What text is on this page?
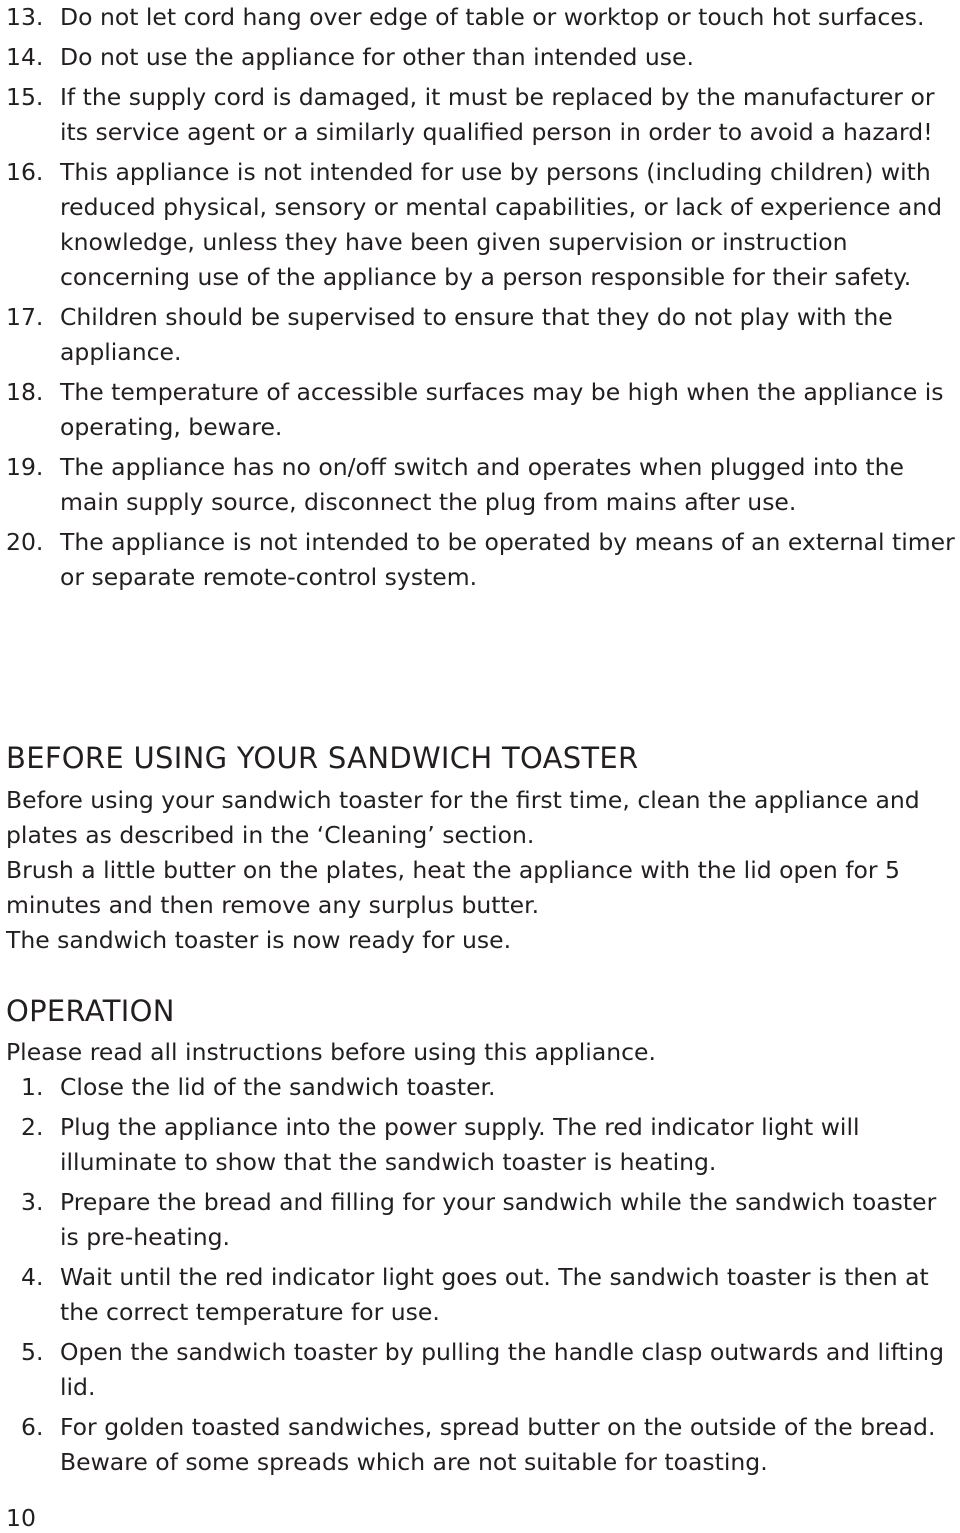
13. Do not let cord hang over edge of table or worktop or touch hot surfaces.
14. Do not use the appliance for other than intended use.
15. If the supply cord is damaged, it must be replaced by the manufacturer or its service agent or a similarly qualified person in order to avoid a hazard!
16. This appliance is not intended for use by persons (including children) with reduced physical, sensory or mental capabilities, or lack of experience and knowledge, unless they have been given supervision or instruction concerning use of the appliance by a person responsible for their safety.
17. Children should be supervised to ensure that they do not play with the appliance.
18. The temperature of accessible surfaces may be high when the appliance is operating, beware.
19. The appliance has no on/off switch and operates when plugged into the main supply source, disconnect the plug from mains after use.
20. The appliance is not intended to be operated by means of an external timer or separate remote-control system.
BEFORE USING YOUR SANDWICH TOASTER

Before using your sandwich toaster for the first time, clean the appliance and plates as described in the ‘Cleaning’ section.

Brush a little butter on the plates, heat the appliance with the lid open for 5 minutes and then remove any surplus butter.

The sandwich toaster is now ready for use.

OPERATION

Please read all instructions before using this appliance.

1. Close the lid of the sandwich toaster.
2. Plug the appliance into the power supply. The red indicator light will illuminate to show that the sandwich toaster is heating.
3. Prepare the bread and filling for your sandwich while the sandwich toaster is pre-heating.
4. Wait until the red indicator light goes out. The sandwich toaster is then at the correct temperature for use.
5. Open the sandwich toaster by pulling the handle clasp outwards and lifting lid.
6. For golden toasted sandwiches, spread butter on the outside of the bread. Beware of some spreads which are not suitable for toasting.
10
